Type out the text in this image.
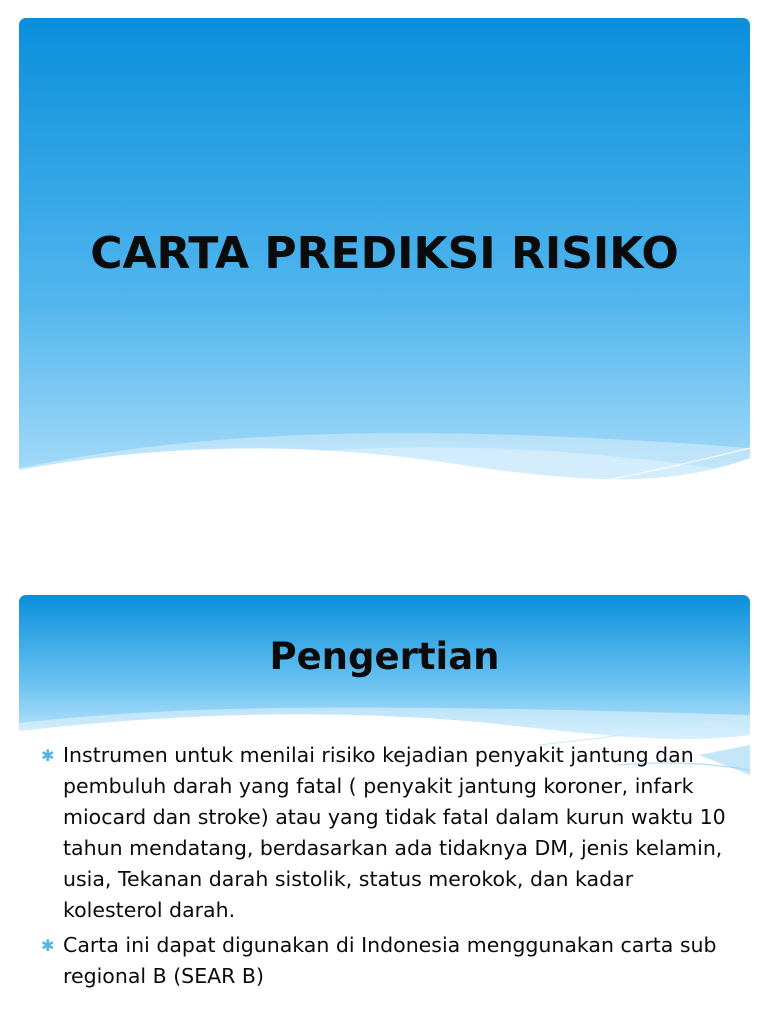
CARTA PREDIKSI RISIKO
Pengertian
✱ Instrumen untuk menilai risiko kejadian penyakit jantung dan pembuluh darah yang fatal ( penyakit jantung koroner, infark miocard dan stroke) atau yang tidak fatal dalam kurun waktu 10 tahun mendatang, berdasarkan ada tidaknya DM, jenis kelamin, usia, Tekanan darah sistolik, status merokok, dan kadar kolesterol darah.
✱ Carta ini dapat digunakan di Indonesia menggunakan carta sub regional B (SEAR B)
